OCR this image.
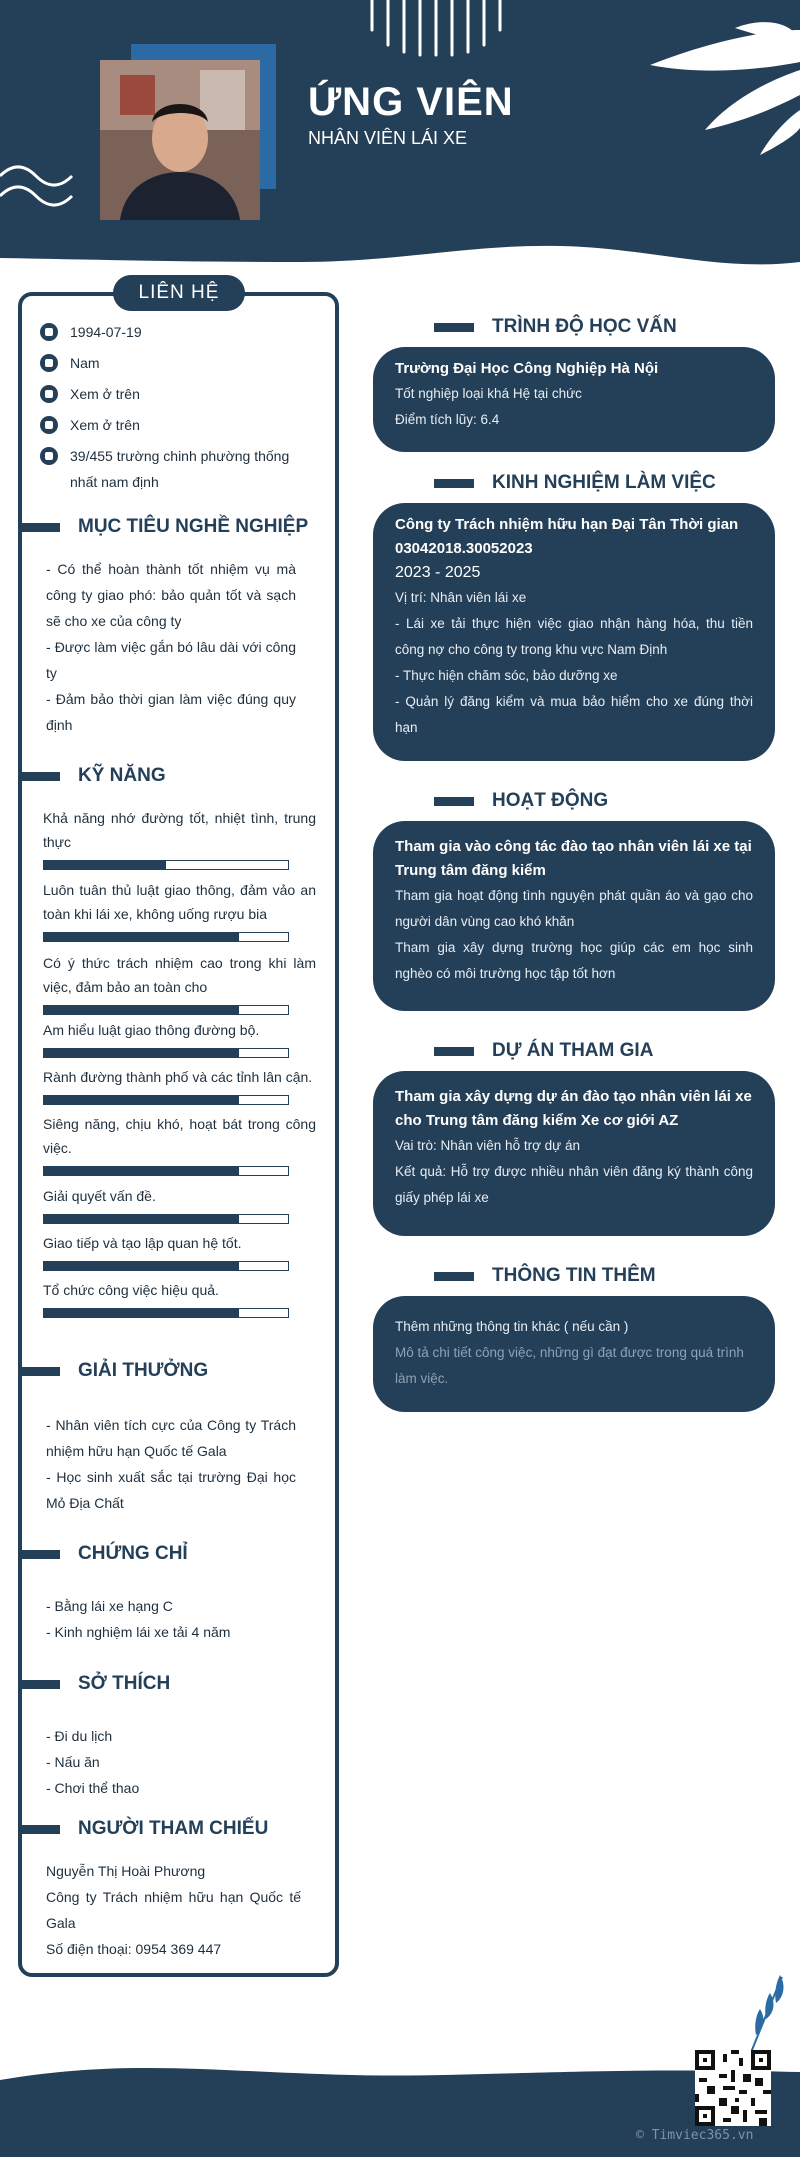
ỨNG VIÊN
NHÂN VIÊN LÁI XE
LIÊN HỆ
1994-07-19
Nam
Xem ở trên
Xem ở trên
39/455 trường chinh phường thống nhất nam định
MỤC TIÊU NGHỀ NGHIỆP
- Có thể hoàn thành tốt nhiệm vụ mà công ty giao phó: bảo quản tốt và sạch sẽ cho xe của công ty
- Được làm việc gắn bó lâu dài với công ty
- Đảm bảo thời gian làm việc đúng quy định
KỸ NĂNG
Khả năng nhớ đường tốt, nhiệt tình, trung thực
Luôn tuân thủ luật giao thông, đảm vảo an toàn khi lái xe, không uống rượu bia
Có ý thức trách nhiệm cao trong khi làm việc, đảm bảo an toàn cho
Am hiểu luật giao thông đường bộ.
Rành đường thành phố và các tỉnh lân cận.
Siêng năng, chịu khó, hoạt bát trong công việc.
Giải quyết vấn đề.
Giao tiếp và tạo lập quan hệ tốt.
Tổ chức công việc hiệu quả.
GIẢI THƯỞNG
- Nhân viên tích cực của Công ty Trách nhiệm hữu hạn Quốc tế Gala
- Học sinh xuất sắc tại trường Đại học Mỏ Địa Chất
CHỨNG CHỈ
- Bằng lái xe hạng C
- Kinh nghiệm lái xe tải 4 năm
SỞ THÍCH
- Đi du lịch
- Nấu ăn
- Chơi thể thao
NGƯỜI THAM CHIẾU
Nguyễn Thị Hoài Phương
Công ty Trách nhiệm hữu hạn Quốc tế Gala
Số điện thoại: 0954 369 447
TRÌNH ĐỘ HỌC VẤN
Trường Đại Học Công Nghiệp Hà Nội
Tốt nghiệp loại khá Hệ tại chức
Điểm tích lũy: 6.4
KINH NGHIỆM LÀM VIỆC
Công ty Trách nhiệm hữu hạn Đại Tân Thời gian 03042018.30052023
2023 - 2025
Vị trí: Nhân viên lái xe
- Lái xe tải thực hiện việc giao nhận hàng hóa, thu tiền công nợ cho công ty trong khu vực Nam Định
- Thực hiện chăm sóc, bảo dưỡng xe
- Quản lý đăng kiểm và mua bảo hiểm cho xe đúng thời hạn
HOẠT ĐỘNG
Tham gia vào công tác đào tạo nhân viên lái xe tại Trung tâm đăng kiểm
Tham gia hoạt động tình nguyện phát quần áo và gạo cho người dân vùng cao khó khăn
Tham gia xây dựng trường học giúp các em học sinh nghèo có môi trường học tập tốt hơn
DỰ ÁN THAM GIA
Tham gia xây dựng dự án đào tạo nhân viên lái xe cho Trung tâm đăng kiểm Xe cơ giới AZ
Vai trò: Nhân viên hỗ trợ dự án
Kết quả: Hỗ trợ được nhiều nhân viên đăng ký thành công giấy phép lái xe
THÔNG TIN THÊM
Thêm những thông tin khác ( nếu cần )
Mô tả chi tiết công việc, những gì đạt được trong quá trình làm việc.
© Timviec365.vn
